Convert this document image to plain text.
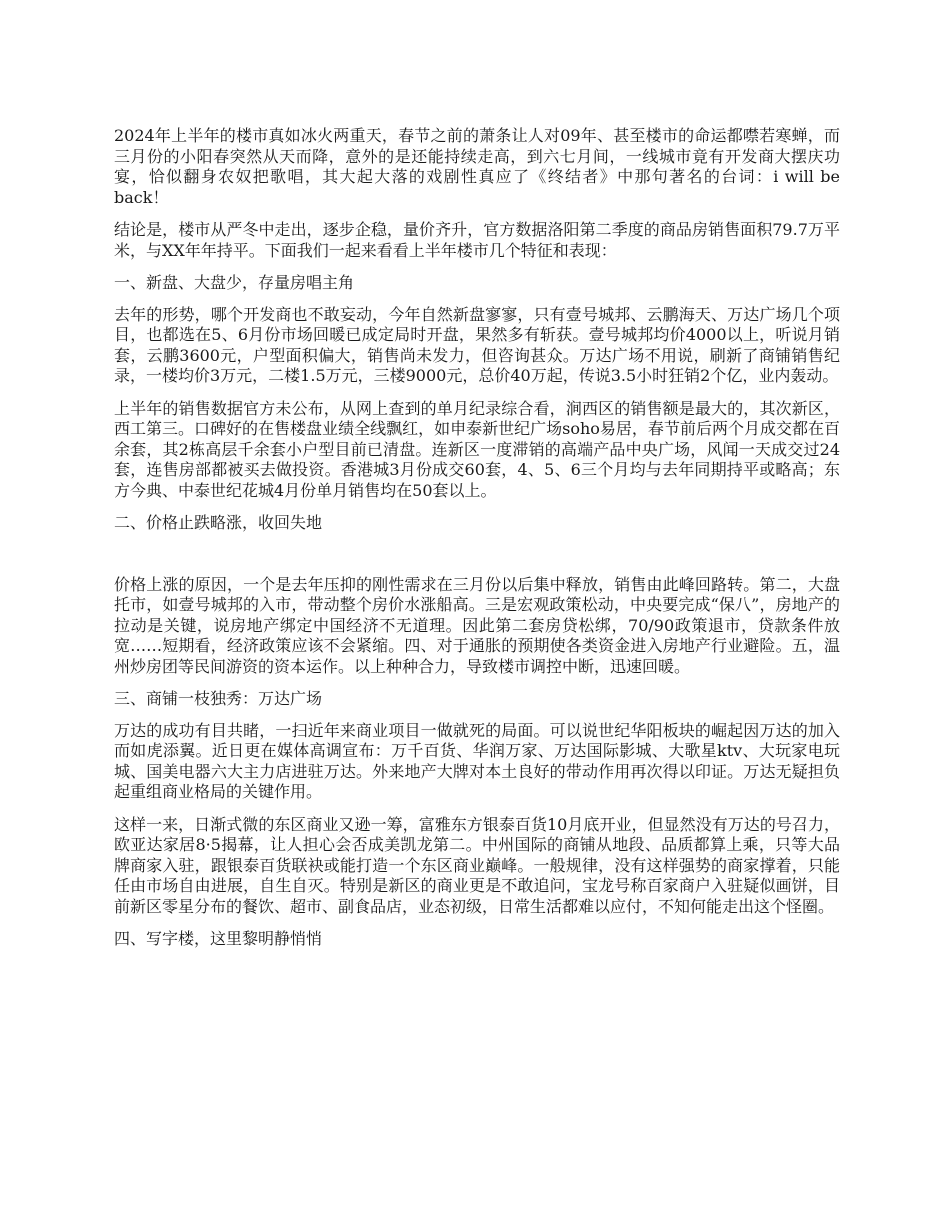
2024年上半年的楼市真如冰火两重天，春节之前的萧条让人对09年、甚至楼市的命运都噤若寒蝉，而三月份的小阳春突然从天而降，意外的是还能持续走高，到六七月间，一线城市竟有开发商大摆庆功宴，恰似翻身农奴把歌唱，其大起大落的戏剧性真应了《终结者》中那句著名的台词：i will be back！

结论是，楼市从严冬中走出，逐步企稳，量价齐升，官方数据洛阳第二季度的商品房销售面积79.7万平米，与XX年年持平。下面我们一起来看看上半年楼市几个特征和表现：

一、新盘、大盘少，存量房唱主角

去年的形势，哪个开发商也不敢妄动，今年自然新盘寥寥，只有壹号城邦、云鹏海天、万达广场几个项目，也都选在5、6月份市场回暖已成定局时开盘，果然多有斩获。壹号城邦均价4000以上，听说月销 套，云鹏3600元，户型面积偏大，销售尚未发力，但咨询甚众。万达广场不用说，刷新了商铺销售纪录，一楼均价3万元，二楼1.5万元，三楼9000元，总价40万起，传说3.5小时狂销2个亿，业内轰动。

上半年的销售数据官方未公布，从网上查到的单月纪录综合看，涧西区的销售额是最大的，其次新区，西工第三。口碑好的在售楼盘业绩全线飘红，如申泰新世纪广场soho易居，春节前后两个月成交都在百余套，其2栋高层千余套小户型目前已清盘。连新区一度滞销的高端产品中央广场，风闻一天成交过24套，连售房部都被买去做投资。香港城3月份成交60套，4、5、6三个月均与去年同期持平或略高；东方今典、中泰世纪花城4月份单月销售均在50套以上。

二、价格止跌略涨，收回失地

价格上涨的原因，一个是去年压抑的刚性需求在三月份以后集中释放，销售由此峰回路转。第二，大盘托市，如壹号城邦的入市，带动整个房价水涨船高。三是宏观政策松动，中央要完成“保八”，房地产的拉动是关键，说房地产绑定中国经济不无道理。因此第二套房贷松绑，70/90政策退市，贷款条件放宽……短期看，经济政策应该不会紧缩。四、对于通胀的预期使各类资金进入房地产行业避险。五，温州炒房团等民间游资的资本运作。以上种种合力，导致楼市调控中断，迅速回暖。

三、商铺一枝独秀：万达广场

万达的成功有目共睹，一扫近年来商业项目一做就死的局面。可以说世纪华阳板块的崛起因万达的加入而如虎添翼。近日更在媒体高调宣布：万千百货、华润万家、万达国际影城、大歌星ktv、大玩家电玩城、国美电器六大主力店进驻万达。外来地产大牌对本土良好的带动作用再次得以印证。万达无疑担负起重组商业格局的关键作用。

这样一来，日渐式微的东区商业又逊一筹，富雅东方银泰百货10月底开业，但显然没有万达的号召力，欧亚达家居8·5揭幕，让人担心会否成美凯龙第二。中州国际的商铺从地段、品质都算上乘，只等大品牌商家入驻，跟银泰百货联袂或能打造一个东区商业巅峰。一般规律，没有这样强势的商家撑着，只能任由市场自由进展，自生自灭。特别是新区的商业更是不敢追问，宝龙号称百家商户入驻疑似画饼，目前新区零星分布的餐饮、超市、副食品店，业态初级，日常生活都难以应付，不知何能走出这个怪圈。

四、写字楼，这里黎明静悄悄
